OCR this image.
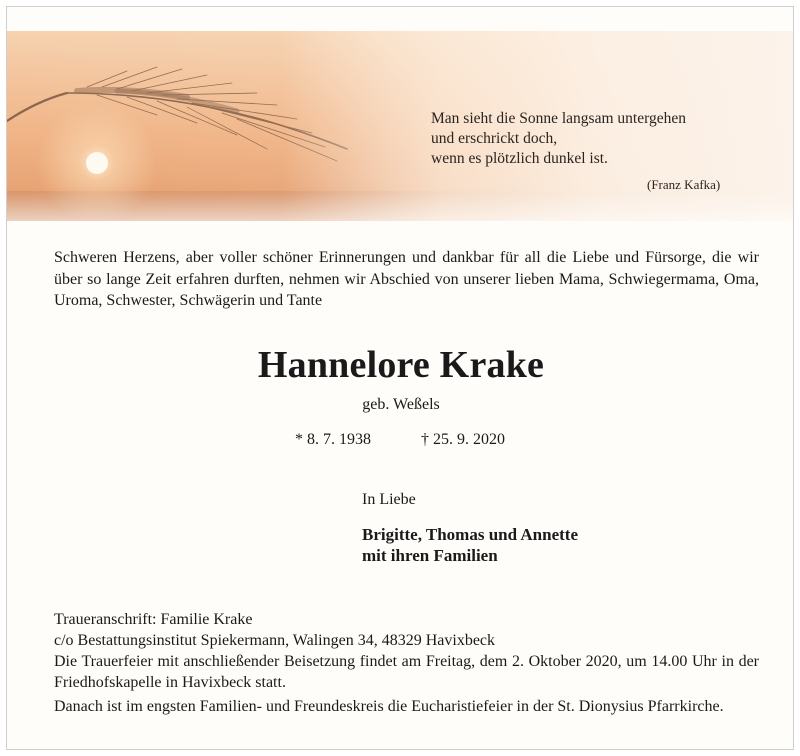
Man sieht die Sonne langsam untergehen
und erschrickt doch,
wenn es plötzlich dunkel ist.
(Franz Kafka)
Schweren Herzens, aber voller schöner Erinnerungen und dankbar für all die Liebe und Fürsorge, die wir über so lange Zeit erfahren durften, nehmen wir Abschied von unserer lieben Mama, Schwiegermama, Oma, Uroma, Schwester, Schwägerin und Tante
Hannelore Krake
geb. Weßels
* 8. 7. 1938	† 25. 9. 2020
In Liebe
Brigitte, Thomas und Annette
mit ihren Familien
Traueranschrift: Familie Krake
c/o Bestattungsinstitut Spiekermann, Walingen 34, 48329 Havixbeck
Die Trauerfeier mit anschließender Beisetzung findet am Freitag, dem 2. Oktober 2020, um 14.00 Uhr in der Friedhofskapelle in Havixbeck statt.
Danach ist im engsten Familien- und Freundeskreis die Eucharistiefeier in der St. Dionysius Pfarrkirche.
